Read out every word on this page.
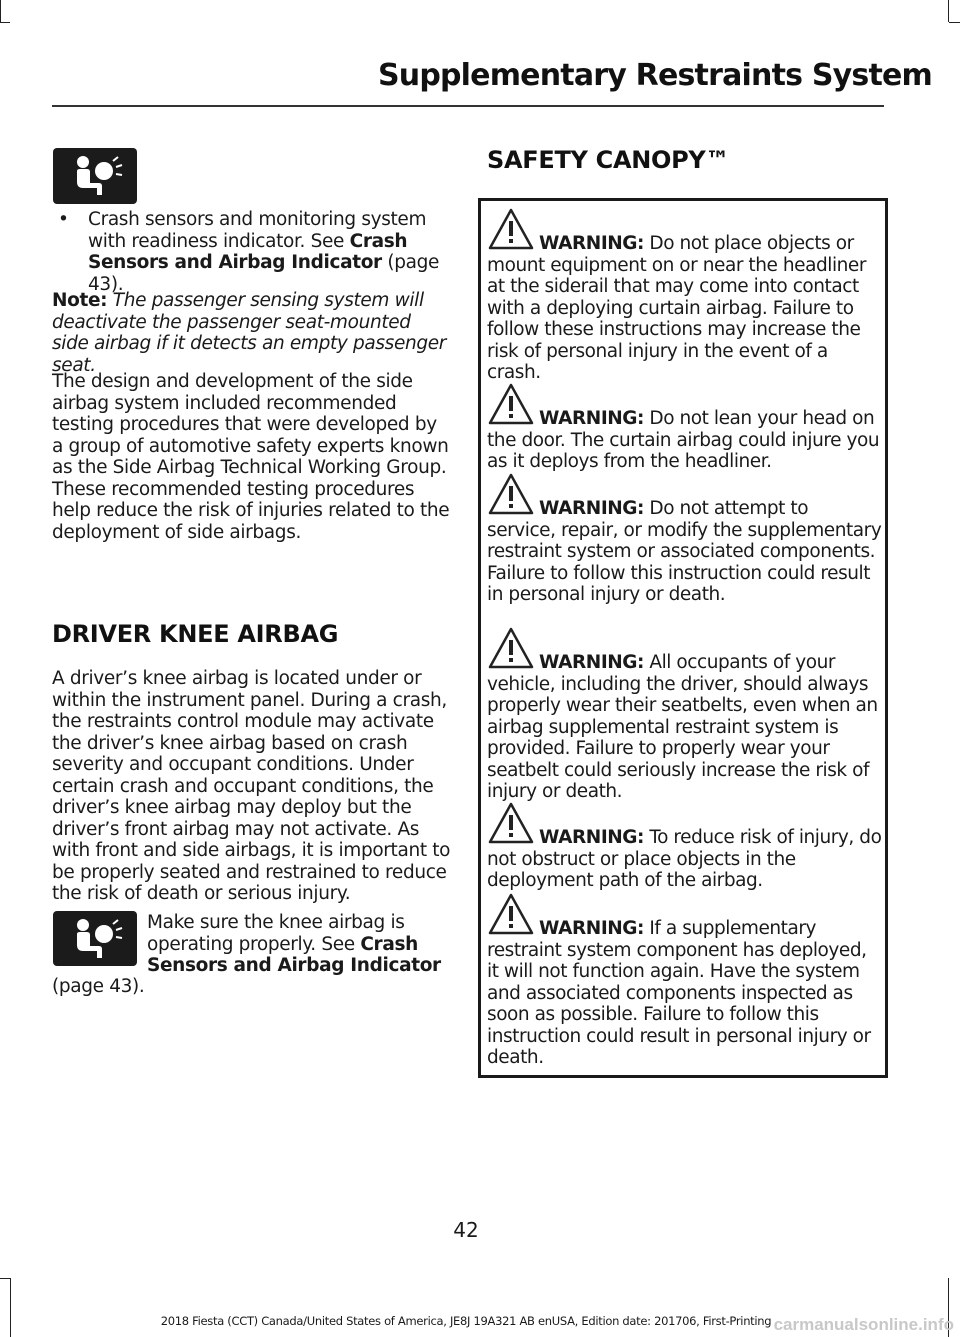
Supplementary Restraints System
• Crash sensors and monitoring system with readiness indicator. See Crash Sensors and Airbag Indicator (page 43).
Note: The passenger sensing system will deactivate the passenger seat-mounted side airbag if it detects an empty passenger seat.
The design and development of the side airbag system included recommended testing procedures that were developed by a group of automotive safety experts known as the Side Airbag Technical Working Group. These recommended testing procedures help reduce the risk of injuries related to the deployment of side airbags.
DRIVER KNEE AIRBAG
A driver’s knee airbag is located under or within the instrument panel. During a crash, the restraints control module may activate the driver’s knee airbag based on crash severity and occupant conditions. Under certain crash and occupant conditions, the driver’s knee airbag may deploy but the driver’s front airbag may not activate. As with front and side airbags, it is important to be properly seated and restrained to reduce the risk of death or serious injury.
Make sure the knee airbag is operating properly. See Crash Sensors and Airbag Indicator
(page 43).
SAFETY CANOPY™
WARNING: Do not place objects or mount equipment on or near the headliner at the siderail that may come into contact with a deploying curtain airbag. Failure to follow these instructions may increase the risk of personal injury in the event of a crash.
WARNING: Do not lean your head on the door. The curtain airbag could injure you as it deploys from the headliner.
WARNING: Do not attempt to service, repair, or modify the supplementary restraint system or associated components. Failure to follow this instruction could result in personal injury or death.
WARNING: All occupants of your vehicle, including the driver, should always properly wear their seatbelts, even when an airbag supplemental restraint system is provided. Failure to properly wear your seatbelt could seriously increase the risk of injury or death.
WARNING: To reduce risk of injury, do not obstruct or place objects in the deployment path of the airbag.
WARNING: If a supplementary restraint system component has deployed, it will not function again. Have the system and associated components inspected as soon as possible. Failure to follow this instruction could result in personal injury or death.
42
2018 Fiesta (CCT) Canada/United States of America, JE8J 19A321 AB enUSA, Edition date: 201706, First-Printing carmanualsonline.info
